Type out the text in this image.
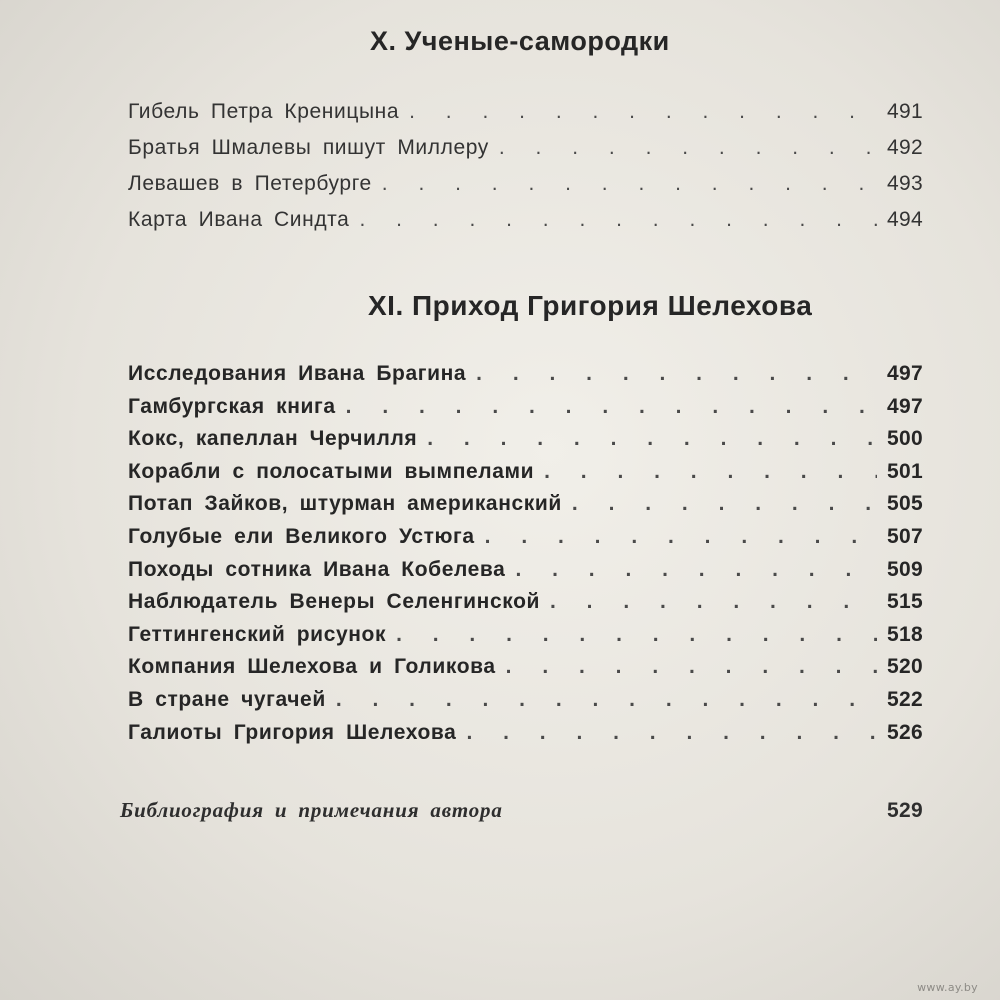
X. Ученые-самородки
Гибель Петра Креницына . . .	491
Братья Шмалевы пишут Миллеру . . .	492
Левашев в Петербурге . . .	493
Карта Ивана Синдта . . .	494
XI. Приход Григория Шелехова
Исследования Ивана Брагина . . .	497
Гамбургская книга . . .	497
Кокс, капеллан Черчилля . . .	500
Корабли с полосатыми вымпелами . . .	501
Потап Зайков, штурман американский . . .	505
Голубые ели Великого Устюга . . .	507
Походы сотника Ивана Кобелева . . .	509
Наблюдатель Венеры Селенгинской . . .	515
Геттингенский рисунок . . .	518
Компания Шелехова и Голикова . . .	520
В стране чугачей . . .	522
Галиоты Григория Шелехова . . .	526
Библиография и примечания автора	529
www.ay.by
